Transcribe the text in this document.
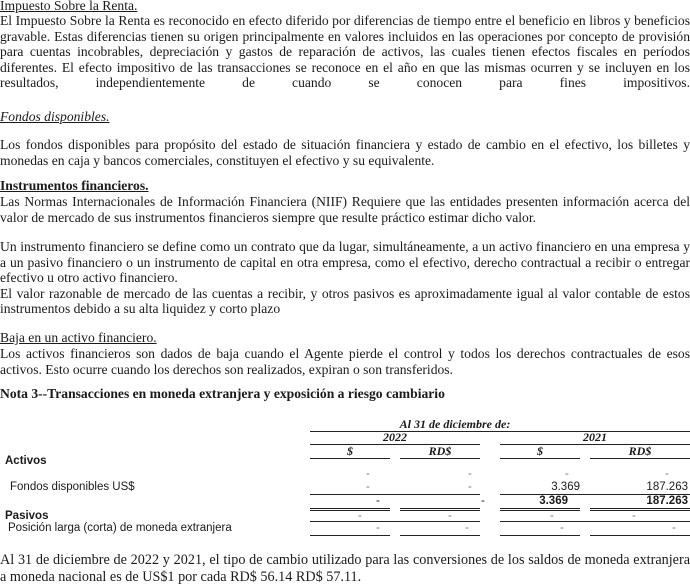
Impuesto Sobre la Renta.

El Impuesto Sobre la Renta es reconocido en efecto diferido por diferencias de tiempo entre el beneficio en libros y beneficios gravable. Estas diferencias tienen su origen principalmente en valores incluidos en las operaciones por concepto de provisión para cuentas incobrables, depreciación y gastos de reparación de activos, las cuales tienen efectos fiscales en períodos diferentes. El efecto impositivo de las transacciones se reconoce en el año en que las mismas ocurren y se incluyen en los resultados, independientemente de cuando se conocen para fines impositivos.

Fondos disponibles.

Los fondos disponibles para propósito del estado de situación financiera y estado de cambio en el efectivo, los billetes y monedas en caja y bancos comerciales, constituyen el efectivo y su equivalente.

Instrumentos financieros.

Las Normas Internacionales de Información Financiera (NIIF) Requiere que las entidades presenten información acerca del valor de mercado de sus instrumentos financieros siempre que resulte práctico estimar dicho valor.

Un instrumento financiero se define como un contrato que da lugar, simultáneamente, a un activo financiero en una empresa y a un pasivo financiero o un instrumento de capital en otra empresa, como el efectivo, derecho contractual a recibir o entregar efectivo u otro activo financiero.

El valor razonable de mercado de las cuentas a recibir, y otros pasivos es aproximadamente igual al valor contable de estos instrumentos debido a su alta liquidez y corto plazo

Baja en un activo financiero.

Los activos financieros son dados de baja cuando el Agente pierde el control y todos los derechos contractuales de esos activos. Esto ocurre cuando los derechos son realizados, expiran o son transferidos.

Nota 3--Transacciones en moneda extranjera y exposición a riesgo cambiario
Al 31 de diciembre de:
2022	2021
$	RD$	$	RD$
Activos
-	-	-	-
Fondos disponibles US$	-	-	3.369	187.263
-	-	3.369	187.263
Pasivos	-	-	-	-
Posición larga (corta) de moneda extranjera	-	-	-	-

Al 31 de diciembre de 2022 y 2021, el tipo de cambio utilizado para las conversiones de los saldos de moneda extranjera a moneda nacional es de US$1 por cada RD$ 56.14 RD$ 57.11.
